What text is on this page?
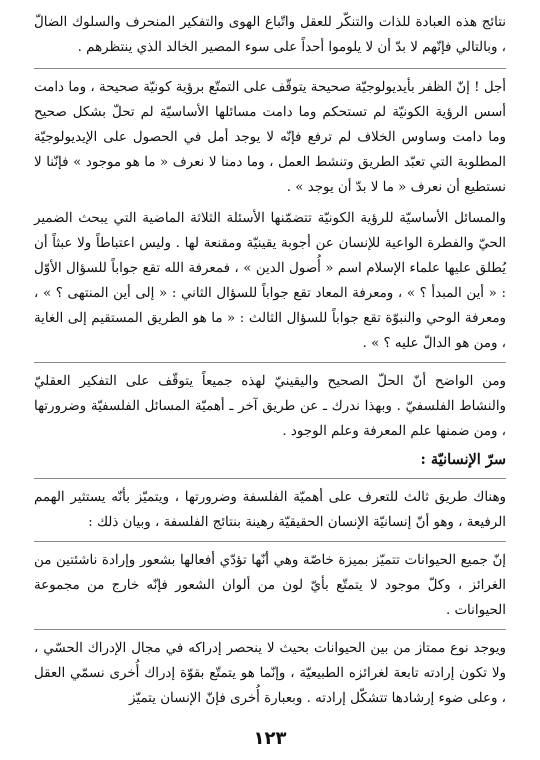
نتائج هذه العبادة للذات والتنكّر للعقل واتّباع الهوى والتفكير المنحرف والسلوك الضالّ ، وبالتالي فإنّهم لا بدّ أن لا يلوموا أحداً على سوء المصير الخالد الذي ينتظرهم .

أجل ! إنّ الظفر بأيديولوجيّة صحيحة يتوقّف على التمتّع برؤية كونيّة صحيحة ، وما دامت أسس الرؤية الكونيّة لم تستحكم وما دامت مسائلها الأساسيّة لم تحلّ بشكل صحيح وما دامت وساوس الخلاف لم ترفع فإنّه لا يوجد أمل في الحصول على الإيديولوجيّة المطلوبة التي تعبّد الطريق وتنشط العمل ، وما دمنا لا نعرف « ما هو موجود » فإنّنا لا نستطيع أن نعرف « ما لا بدّ أن يوجد » .

والمسائل الأساسيّة للرؤية الكونيّة تتضمّنها الأسئلة الثلاثة الماضية التي يبحث الضمير الحيّ والفطرة الواعية للإنسان عن أجوبة يقينيّة ومقنعة لها . وليس اعتباطاً ولا عبثاً أن يُطلق عليها علماء الإسلام اسم « أُصول الدين » ، فمعرفة الله تقع جواباً للسؤال الأوّل : « أين المبدأ ؟ » ، ومعرفة المعاد تقع جواباً للسؤال الثاني : « إلى أين المنتهى ؟ » ، ومعرفة الوحي والنبوّة تقع جواباً للسؤال الثالث : « ما هو الطريق المستقيم إلى الغاية ، ومن هو الدالّ عليه ؟ » .

ومن الواضح أنّ الحلّ الصحيح واليقينيّ لهذه جميعاً يتوقّف على التفكير العقليّ والنشاط الفلسفيّ . وبهذا ندرك ـ عن طريق آخر ـ أهميّة المسائل الفلسفيّة وضرورتها ، ومن ضمنها علم المعرفة وعلم الوجود .

سرّ الإنسانيّة :

وهناك طريق ثالث للتعرف على أهميّة الفلسفة وضرورتها ، ويتميّز بأنّه يستثير الهمم الرفيعة ، وهو أنّ إنسانيّة الإنسان الحقيقيّة رهينة بنتائج الفلسفة ، وبيان ذلك :

إنّ جميع الحيوانات تتميّز بميزة خاصّة وهي أنّها تؤدّي أفعالها بشعور وإرادة ناشئتين من الغرائز ، وكلّ موجود لا يتمتّع بأيّ لون من ألوان الشعور فإنّه خارج من مجموعة الحيوانات .

ويوجد نوع ممتاز من بين الحيوانات بحيث لا ينحصر إدراكه في مجال الإدراك الحسّي ، ولا تكون إرادته تابعة لغرائزه الطبيعيّة ، وإنّما هو يتمتّع بقوّة إدراك أُخرى نسمّي العقل ، وعلى ضوء إرشادها تتشكّل إرادته . وبعبارة أُخرى فإنّ الإنسان يتميّز

١٢٣
